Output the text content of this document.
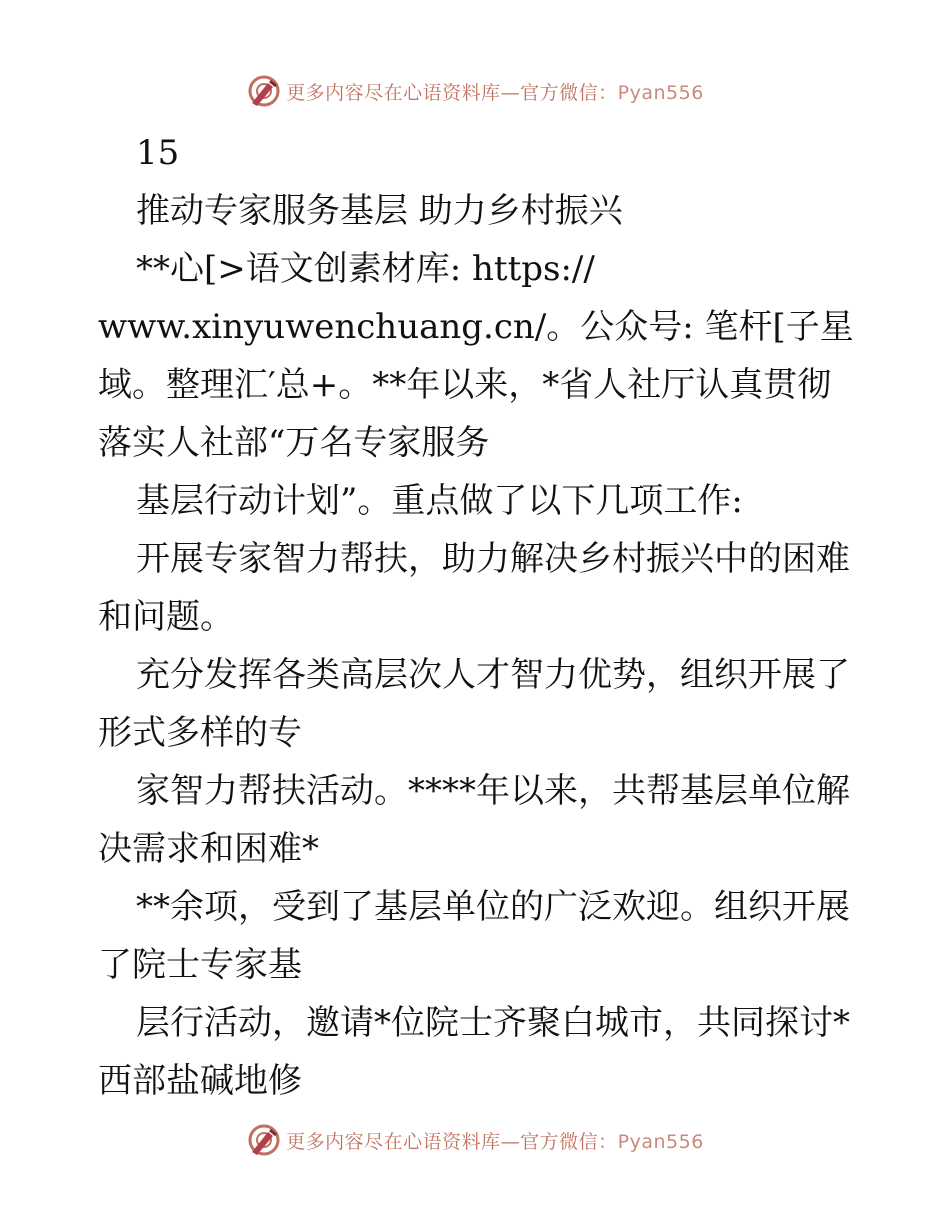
更多内容尽在心语资料库—官方微信：Pyan556
15
推动专家服务基层 助力乡村振兴
**心[>语文创素材库: https://
www.xinyuwenchuang.cn/。公众号: 笔杆[子星
域。整理汇′总+。**年以来，*省人社厅认真贯彻
落实人社部“万名专家服务
基层行动计划”。重点做了以下几项工作:
开展专家智力帮扶，助力解决乡村振兴中的困难
和问题。
充分发挥各类高层次人才智力优势，组织开展了
形式多样的专
家智力帮扶活动。****年以来，共帮基层单位解
决需求和困难*
**余项，受到了基层单位的广泛欢迎。组织开展
了院士专家基
层行活动，邀请*位院士齐聚白城市，共同探讨*
西部盐碱地修
更多内容尽在心语资料库—官方微信：Pyan556
